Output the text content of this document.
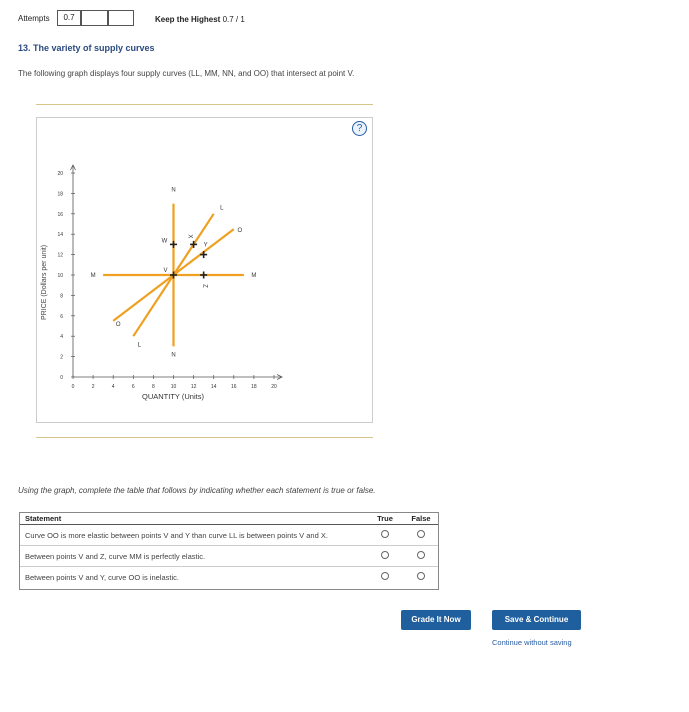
Attempts	0.7	Keep the Highest 0.7 / 1
13. The variety of supply curves
The following graph displays four supply curves (LL, MM, NN, and OO) that intersect at point V.
?
PRICE (Dollars per unit)
0
2
4
6
8
10
12
14
16
18
20
0	2	4	6	8	10	12	14	16	18	20
N
N
M	M
L
L
O
O
V
W
X
Y
Z
QUANTITY (Units)
Using the graph, complete the table that follows by indicating whether each statement is true or false.
Statement	True	False
Curve OO is more elastic between points V and Y than curve LL is between points V and X.		
Between points V and Z, curve MM is perfectly elastic.		
Between points V and Y, curve OO is inelastic.		
Grade It Now	Save & Continue
Continue without saving
